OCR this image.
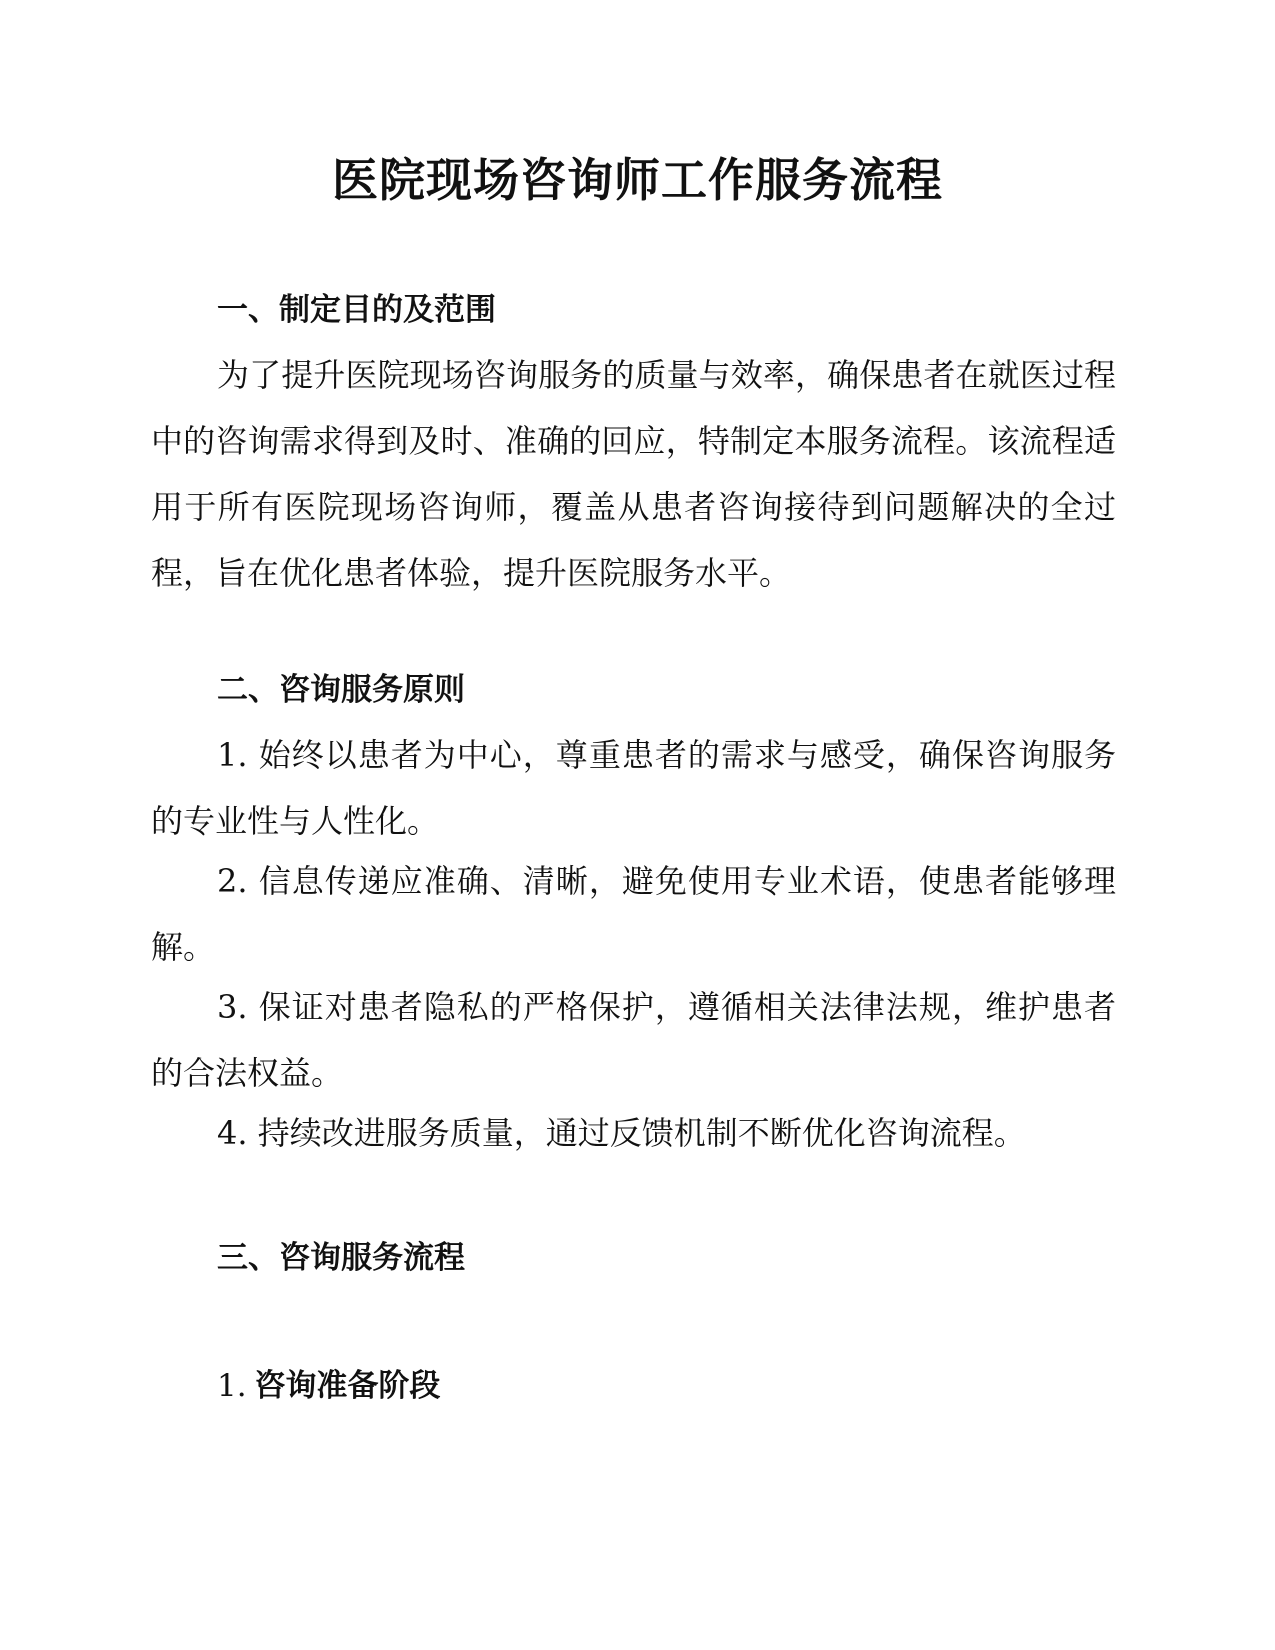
医院现场咨询师工作服务流程
一、制定目的及范围

为了提升医院现场咨询服务的质量与效率，确保患者在就医过程中的咨询需求得到及时、准确的回应，特制定本服务流程。该流程适用于所有医院现场咨询师，覆盖从患者咨询接待到问题解决的全过程，旨在优化患者体验，提升医院服务水平。

二、咨询服务原则

1. 始终以患者为中心，尊重患者的需求与感受，确保咨询服务的专业性与人性化。

2. 信息传递应准确、清晰，避免使用专业术语，使患者能够理解。

3. 保证对患者隐私的严格保护，遵循相关法律法规，维护患者的合法权益。

4. 持续改进服务质量，通过反馈机制不断优化咨询流程。

三、咨询服务流程
1. 咨询准备阶段
